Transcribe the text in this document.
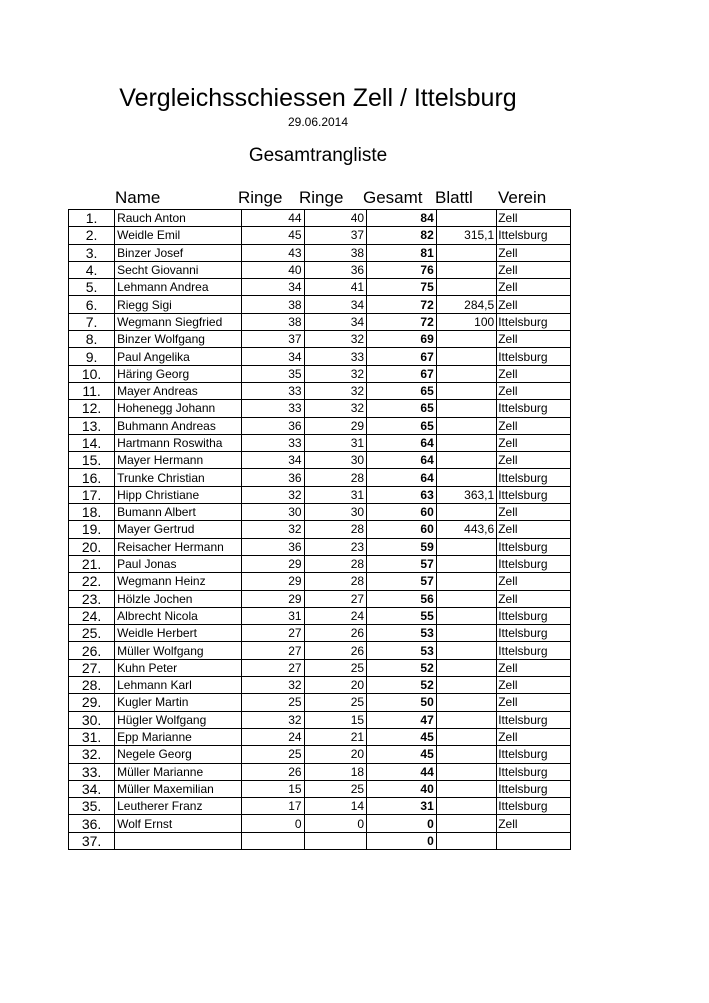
Vergleichsschiessen Zell / Ittelsburg
29.06.2014
Gesamtrangliste
Name	Ringe Ringe Gesamt Blattl Verein
1.	Rauch Anton	44	40	84		Zell
2.	Weidle Emil	45	37	82	315,1	Ittelsburg
3.	Binzer Josef	43	38	81		Zell
4.	Secht Giovanni	40	36	76		Zell
5.	Lehmann Andrea	34	41	75		Zell
6.	Riegg Sigi	38	34	72	284,5	Zell
7.	Wegmann Siegfried	38	34	72	100	Ittelsburg
8.	Binzer Wolfgang	37	32	69		Zell
9.	Paul Angelika	34	33	67		Ittelsburg
10.	Häring Georg	35	32	67		Zell
11.	Mayer Andreas	33	32	65		Zell
12.	Hohenegg Johann	33	32	65		Ittelsburg
13.	Buhmann Andreas	36	29	65		Zell
14.	Hartmann Roswitha	33	31	64		Zell
15.	Mayer Hermann	34	30	64		Zell
16.	Trunke Christian	36	28	64		Ittelsburg
17.	Hipp Christiane	32	31	63	363,1	Ittelsburg
18.	Bumann Albert	30	30	60		Zell
19.	Mayer Gertrud	32	28	60	443,6	Zell
20.	Reisacher Hermann	36	23	59		Ittelsburg
21.	Paul Jonas	29	28	57		Ittelsburg
22.	Wegmann Heinz	29	28	57		Zell
23.	Hölzle Jochen	29	27	56		Zell
24.	Albrecht Nicola	31	24	55		Ittelsburg
25.	Weidle Herbert	27	26	53		Ittelsburg
26.	Müller Wolfgang	27	26	53		Ittelsburg
27.	Kuhn Peter	27	25	52		Zell
28.	Lehmann Karl	32	20	52		Zell
29.	Kugler Martin	25	25	50		Zell
30.	Hügler Wolfgang	32	15	47		Ittelsburg
31.	Epp Marianne	24	21	45		Zell
32.	Negele Georg	25	20	45		Ittelsburg
33.	Müller Marianne	26	18	44		Ittelsburg
34.	Müller Maxemilian	15	25	40		Ittelsburg
35.	Leutherer Franz	17	14	31		Ittelsburg
36.	Wolf Ernst	0	0	0		Zell
37.				0		
